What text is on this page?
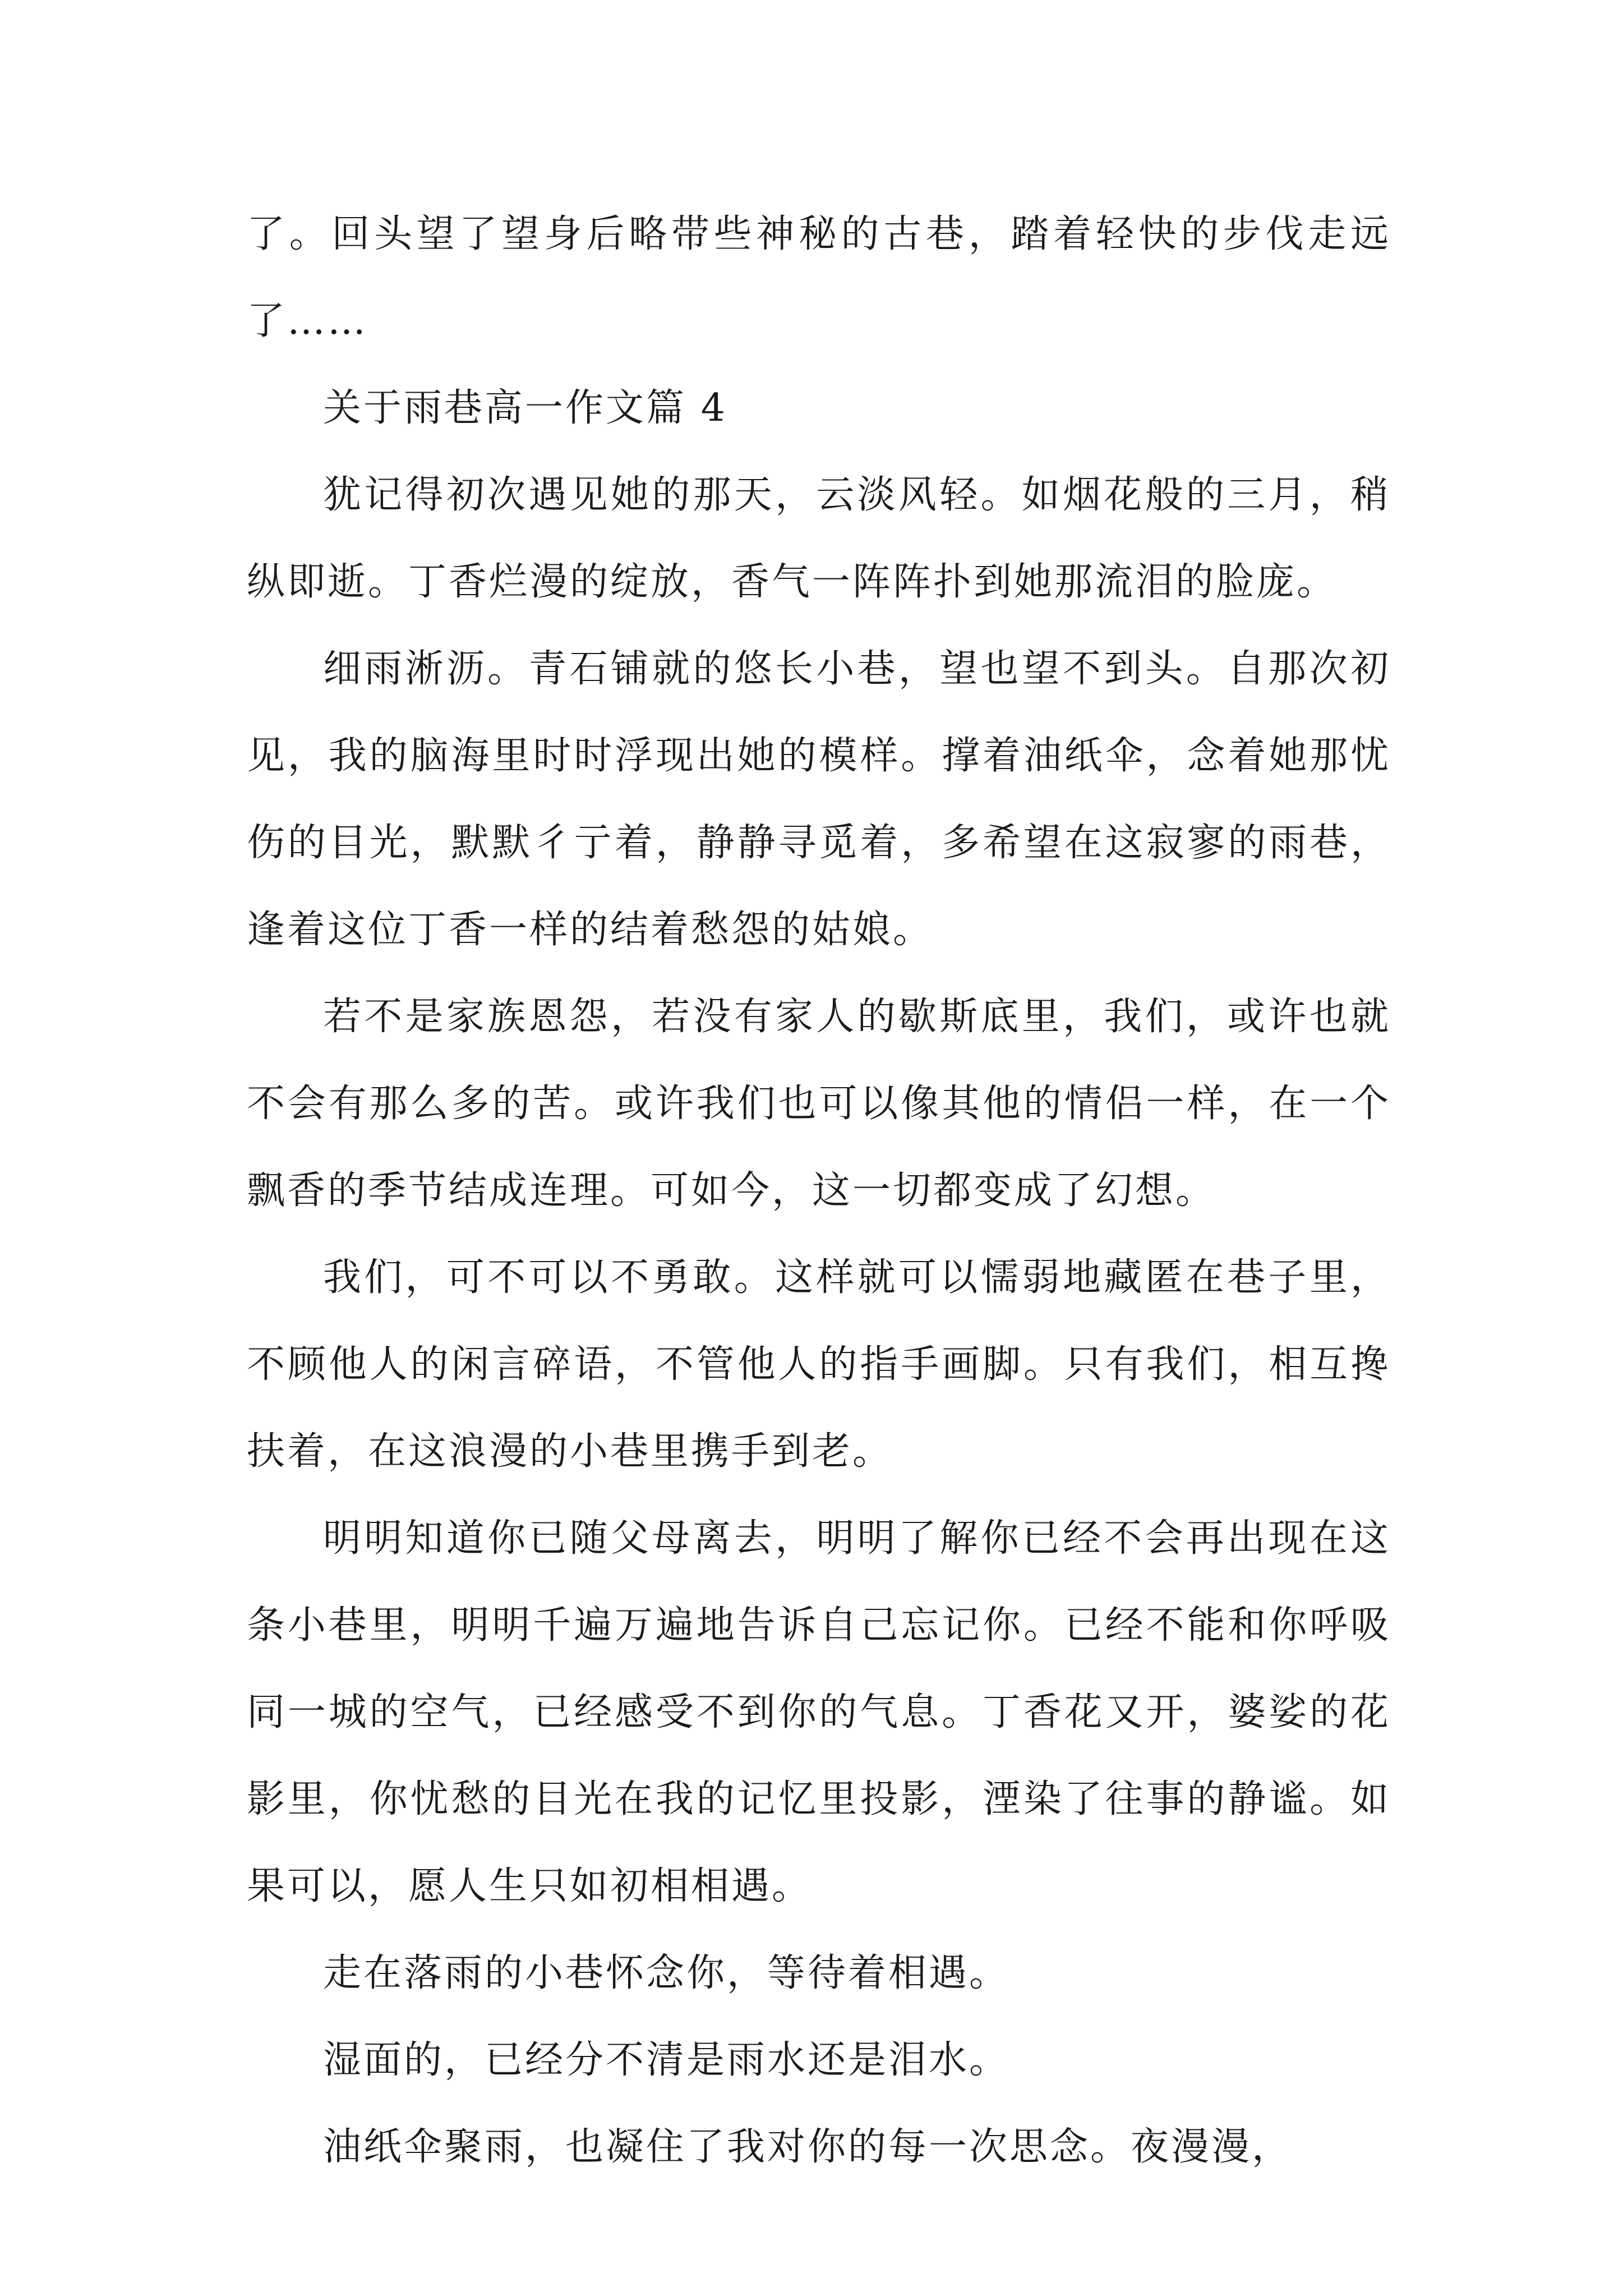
了。回头望了望身后略带些神秘的古巷，踏着轻快的步伐走远了……

关于雨巷高一作文篇 4

犹记得初次遇见她的那天，云淡风轻。如烟花般的三月，稍纵即逝。丁香烂漫的绽放，香气一阵阵扑到她那流泪的脸庞。

细雨淅沥。青石铺就的悠长小巷，望也望不到头。自那次初见，我的脑海里时时浮现出她的模样。撑着油纸伞，念着她那忧伤的目光，默默彳亍着，静静寻觅着，多希望在这寂寥的雨巷，逢着这位丁香一样的结着愁怨的姑娘。

若不是家族恩怨，若没有家人的歇斯底里，我们，或许也就不会有那么多的苦。或许我们也可以像其他的情侣一样，在一个飘香的季节结成连理。可如今，这一切都变成了幻想。

我们，可不可以不勇敢。这样就可以懦弱地藏匿在巷子里，不顾他人的闲言碎语，不管他人的指手画脚。只有我们，相互搀扶着，在这浪漫的小巷里携手到老。

明明知道你已随父母离去，明明了解你已经不会再出现在这条小巷里，明明千遍万遍地告诉自己忘记你。已经不能和你呼吸同一城的空气，已经感受不到你的气息。丁香花又开，婆娑的花影里，你忧愁的目光在我的记忆里投影，湮染了往事的静谧。如果可以，愿人生只如初相相遇。

走在落雨的小巷怀念你，等待着相遇。

湿面的，已经分不清是雨水还是泪水。

油纸伞聚雨，也凝住了我对你的每一次思念。夜漫漫，
